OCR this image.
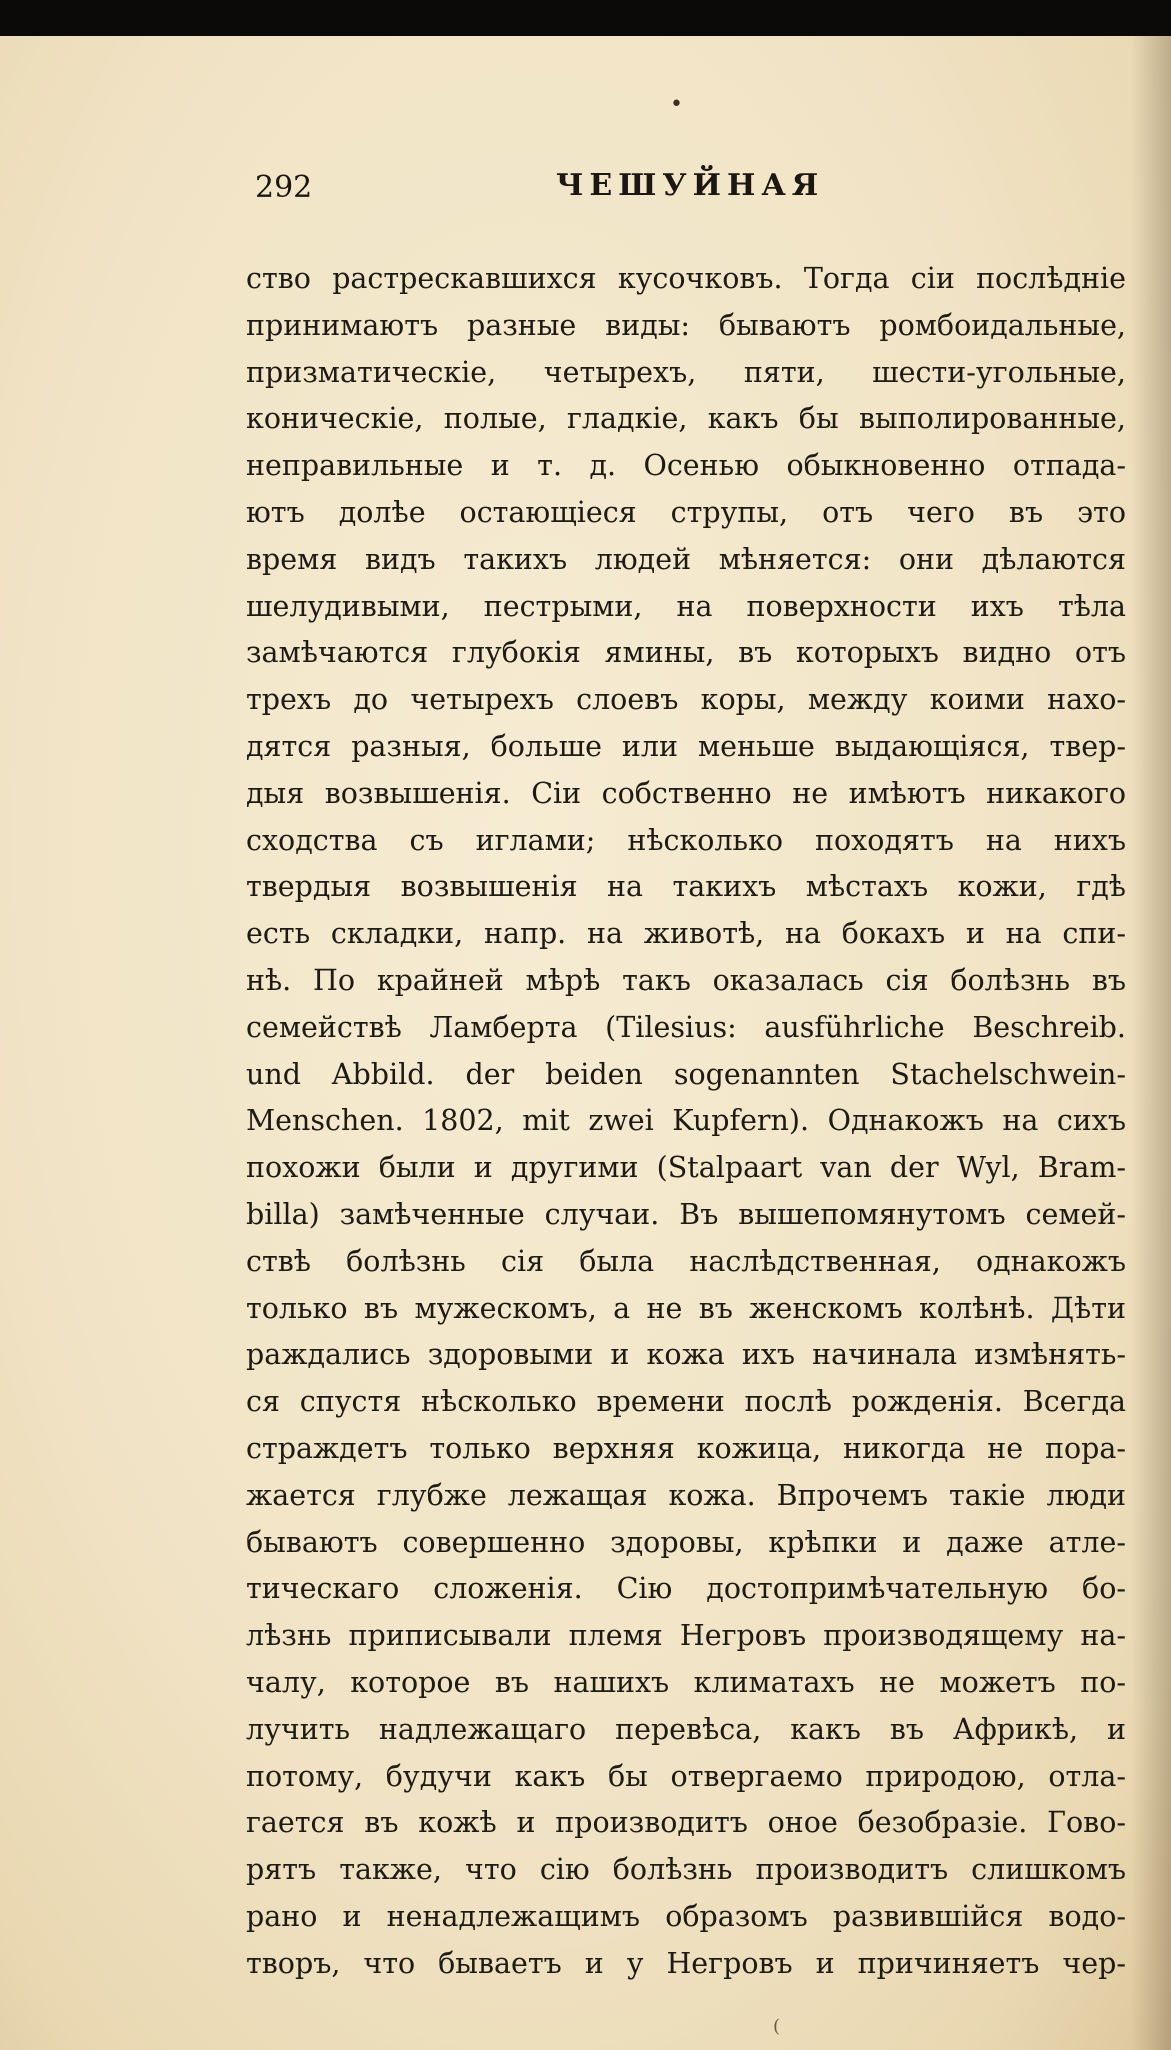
•
292	ЧЕШУЙНАЯ
ство растрескавшихся кусочковъ. Тогда сіи послѣдніе
принимаютъ разные виды: бываютъ ромбоидальные,
призматическіе, четырехъ, пяти, шести-угольные,
коническіе, полые, гладкіе, какъ бы выполированные,
неправильные и т. д. Осенью обыкновенно отпада-
ютъ долѣе остающіеся струпы, отъ чего въ это
время видъ такихъ людей мѣняется: они дѣлаются
шелудивыми, пестрыми, на поверхности ихъ тѣла
замѣчаются глубокія ямины, въ которыхъ видно отъ
трехъ до четырехъ слоевъ коры, между коими нахо-
дятся разныя, больше или меньше выдающіяся, твер-
дыя возвышенія. Сіи собственно не имѣютъ никакого
сходства съ иглами; нѣсколько походятъ на нихъ
твердыя возвышенія на такихъ мѣстахъ кожи, гдѣ
есть складки, напр. на животѣ, на бокахъ и на спи-
нѣ. По крайней мѣрѣ такъ оказалась сія болѣзнь въ
семействѣ Ламберта (Tilesius: ausführliche Beschreib.
und Abbild. der beiden sogenannten Stachelschwein-
Menschen. 1802, mit zwei Kupfern). Однакожъ на сихъ
похожи были и другими (Stalpaart van der Wyl, Bram-
billa) замѣченные случаи. Въ вышепомянутомъ семей-
ствѣ болѣзнь сія была наслѣдственная, однакожъ
только въ мужескомъ, а не въ женскомъ колѣнѣ. Дѣти
раждались здоровыми и кожа ихъ начинала измѣнять-
ся спустя нѣсколько времени послѣ рожденія. Всегда
страждетъ только верхняя кожица, никогда не пора-
жается глубже лежащая кожа. Впрочемъ такіе люди
бываютъ совершенно здоровы, крѣпки и даже атле-
тическаго сложенія. Сію достопримѣчательную бо-
лѣзнь приписывали племя Негровъ производящему на-
чалу, которое въ нашихъ климатахъ не можетъ по-
лучить надлежащаго перевѣса, какъ въ Африкѣ, и
потому, будучи какъ бы отвергаемо природою, отла-
гается въ кожѣ и производитъ оное безобразіе. Гово-
рятъ также, что сію болѣзнь производитъ слишкомъ
рано и ненадлежащимъ образомъ развившійся водо-
творъ, что бываетъ и у Негровъ и причиняетъ чер-
(
